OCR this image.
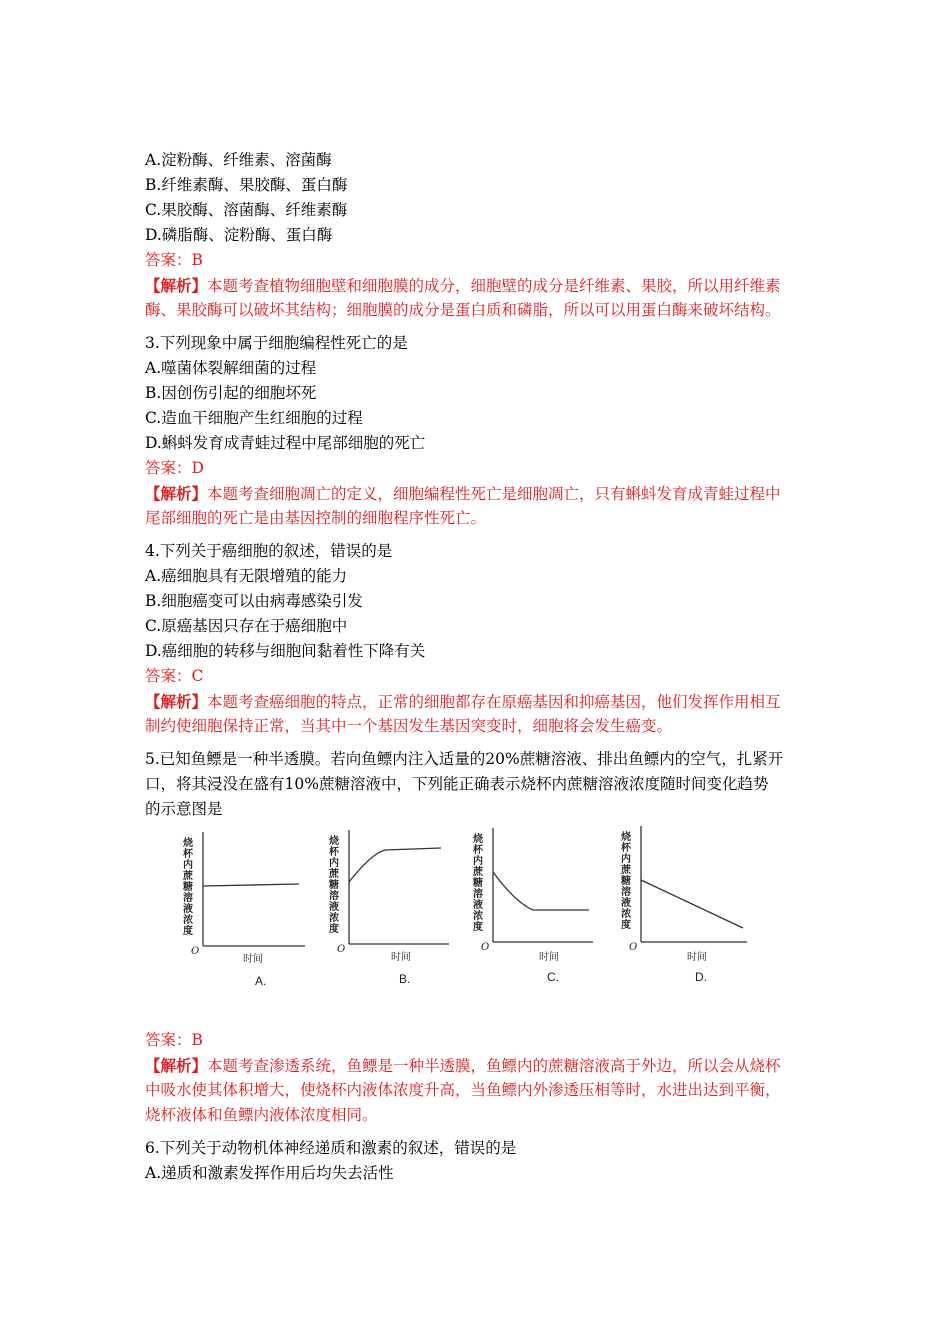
A.淀粉酶、纤维素、溶菌酶
B.纤维素酶、果胶酶、蛋白酶
C.果胶酶、溶菌酶、纤维素酶
D.磷脂酶、淀粉酶、蛋白酶
答案：B
【解析】本题考查植物细胞壁和细胞膜的成分，细胞壁的成分是纤维素、果胶，所以用纤维素
酶、果胶酶可以破坏其结构；细胞膜的成分是蛋白质和磷脂，所以可以用蛋白酶来破坏结构。
3.下列现象中属于细胞编程性死亡的是
A.噬菌体裂解细菌的过程
B.因创伤引起的细胞坏死
C.造血干细胞产生红细胞的过程
D.蝌蚪发育成青蛙过程中尾部细胞的死亡
答案：D
【解析】本题考查细胞凋亡的定义，细胞编程性死亡是细胞凋亡，只有蝌蚪发育成青蛙过程中
尾部细胞的死亡是由基因控制的细胞程序性死亡。
4.下列关于癌细胞的叙述，错误的是
A.癌细胞具有无限增殖的能力
B.细胞癌变可以由病毒感染引发
C.原癌基因只存在于癌细胞中
D.癌细胞的转移与细胞间黏着性下降有关
答案：C
【解析】本题考查癌细胞的特点，正常的细胞都存在原癌基因和抑癌基因，他们发挥作用相互
制约使细胞保持正常，当其中一个基因发生基因突变时，细胞将会发生癌变。
5.已知鱼鳔是一种半透膜。若向鱼鳔内注入适量的20%蔗糖溶液、排出鱼鳔内的空气，扎紧开
口，将其浸没在盛有10%蔗糖溶液中，下列能正确表示烧杯内蔗糖溶液浓度随时间变化趋势
的示意图是
烧杯内蔗糖溶液浓度
O
时间
A.
烧杯内蔗糖溶液浓度
O
时间
B.
烧杯内蔗糖溶液浓度
O
时间
C.
烧杯内蔗糖溶液浓度
O
时间
D.
答案：B
【解析】本题考查渗透系统，鱼鳔是一种半透膜，鱼鳔内的蔗糖溶液高于外边，所以会从烧杯
中吸水使其体积增大，使烧杯内液体浓度升高，当鱼鳔内外渗透压相等时，水进出达到平衡，
烧杯液体和鱼鳔内液体浓度相同。
6.下列关于动物机体神经递质和激素的叙述，错误的是
A.递质和激素发挥作用后均失去活性
